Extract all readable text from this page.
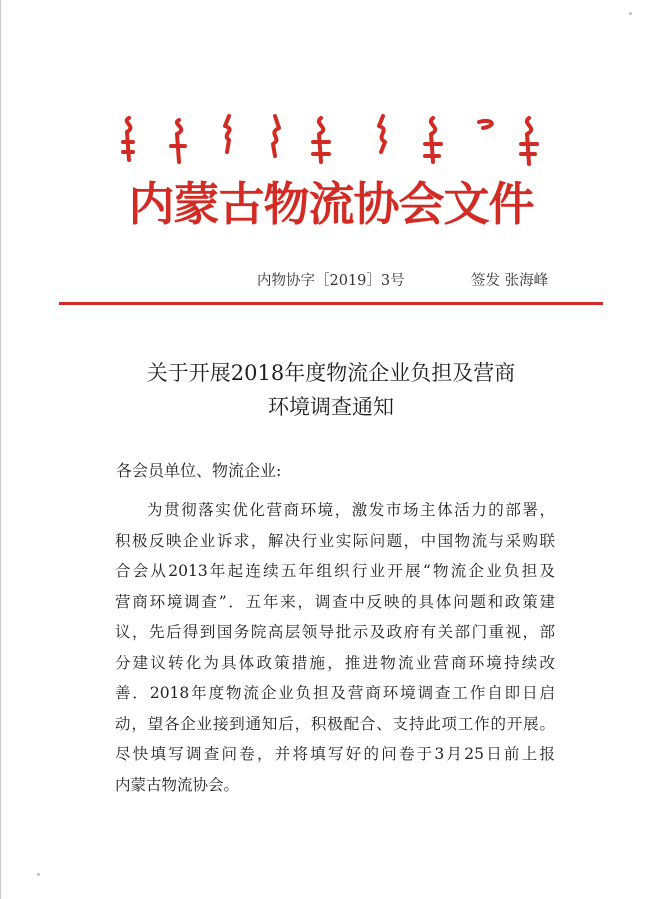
内蒙古物流协会文件
内物协字［2019］3号	签发 张海峰
关于开展2018年度物流企业负担及营商
环境调查通知
各会员单位、物流企业:
为贯彻落实优化营商环境，激发市场主体活力的部署，
积极反映企业诉求，解决行业实际问题，中国物流与采购联
合会从2013年起连续五年组织行业开展“物流企业负担及
营商环境调查”．五年来，调查中反映的具体问题和政策建
议，先后得到国务院高层领导批示及政府有关部门重视，部
分建议转化为具体政策措施，推进物流业营商环境持续改
善．2018年度物流企业负担及营商环境调查工作自即日启
动，望各企业接到通知后，积极配合、支持此项工作的开展。
尽快填写调查问卷，并将填写好的问卷于3月25日前上报
内蒙古物流协会。
